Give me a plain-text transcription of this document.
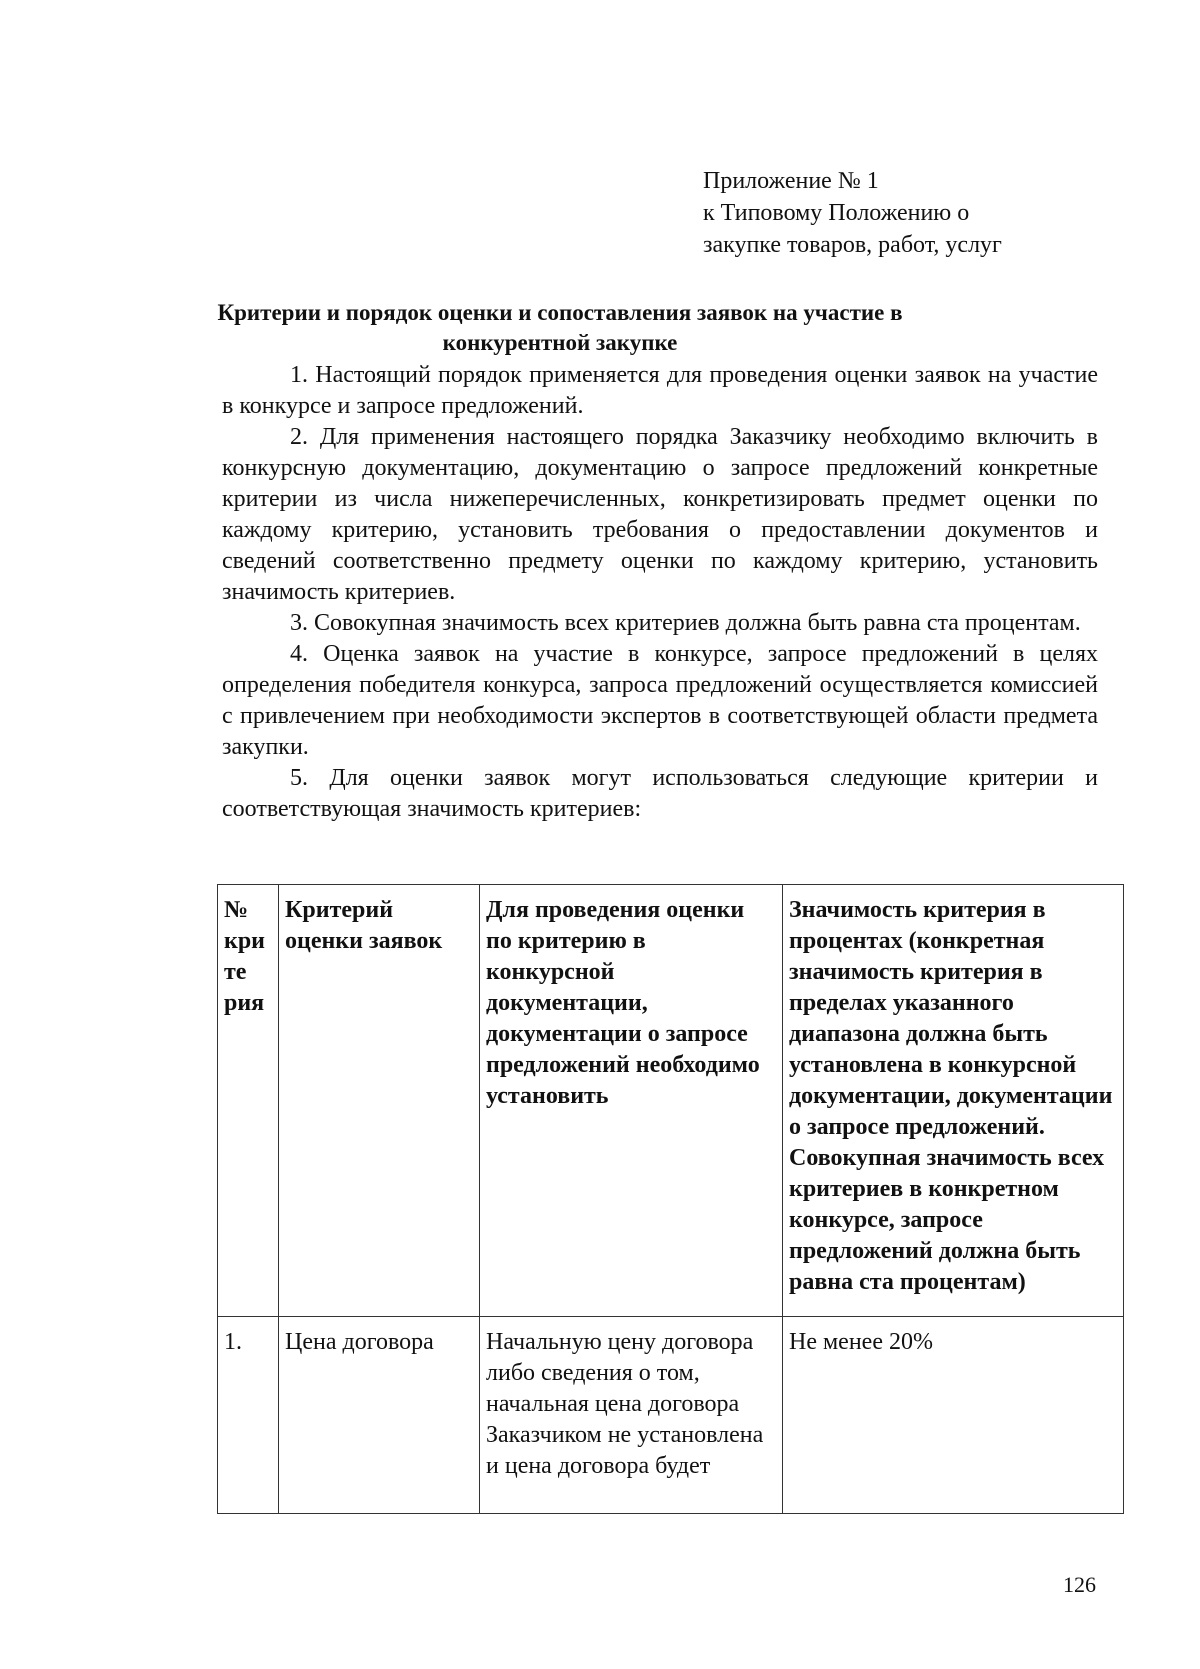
Приложение № 1
к Типовому Положению о
закупке товаров, работ, услуг
Критерии и порядок оценки и сопоставления заявок на участие в
конкурентной закупке

1. Настоящий порядок применяется для проведения оценки заявок на участие в конкурсе и запросе предложений.

2. Для применения настоящего порядка Заказчику необходимо включить в конкурсную документацию, документацию о запросе предложений конкретные критерии из числа нижеперечисленных, конкретизировать предмет оценки по каждому критерию, установить требования о предоставлении документов и сведений соответственно предмету оценки по каждому критерию, установить значимость критериев.

3. Совокупная значимость всех критериев должна быть равна ста процентам.

4. Оценка заявок на участие в конкурсе, запросе предложений в целях определения победителя конкурса, запроса предложений осуществляется комиссией с привлечением при необходимости экспертов в соответствующей области предмета закупки.

5. Для оценки заявок могут использоваться следующие критерии и соответствующая значимость критериев:

№ кри те рия	Критерий оценки заявок	Для проведения оценки по критерию в конкурсной документации, документации о запросе предложений необходимо установить	Значимость критерия в процентах (конкретная значимость критерия в пределах указанного диапазона должна быть установлена в конкурсной документации, документации о запросе предложений. Совокупная значимость всех критериев в конкретном конкурсе, запросе предложений должна быть равна ста процентам)
1.	Цена договора	Начальную цену договора либо сведения о том, начальная цена договора Заказчиком не установлена и цена договора будет	Не менее 20%
126
